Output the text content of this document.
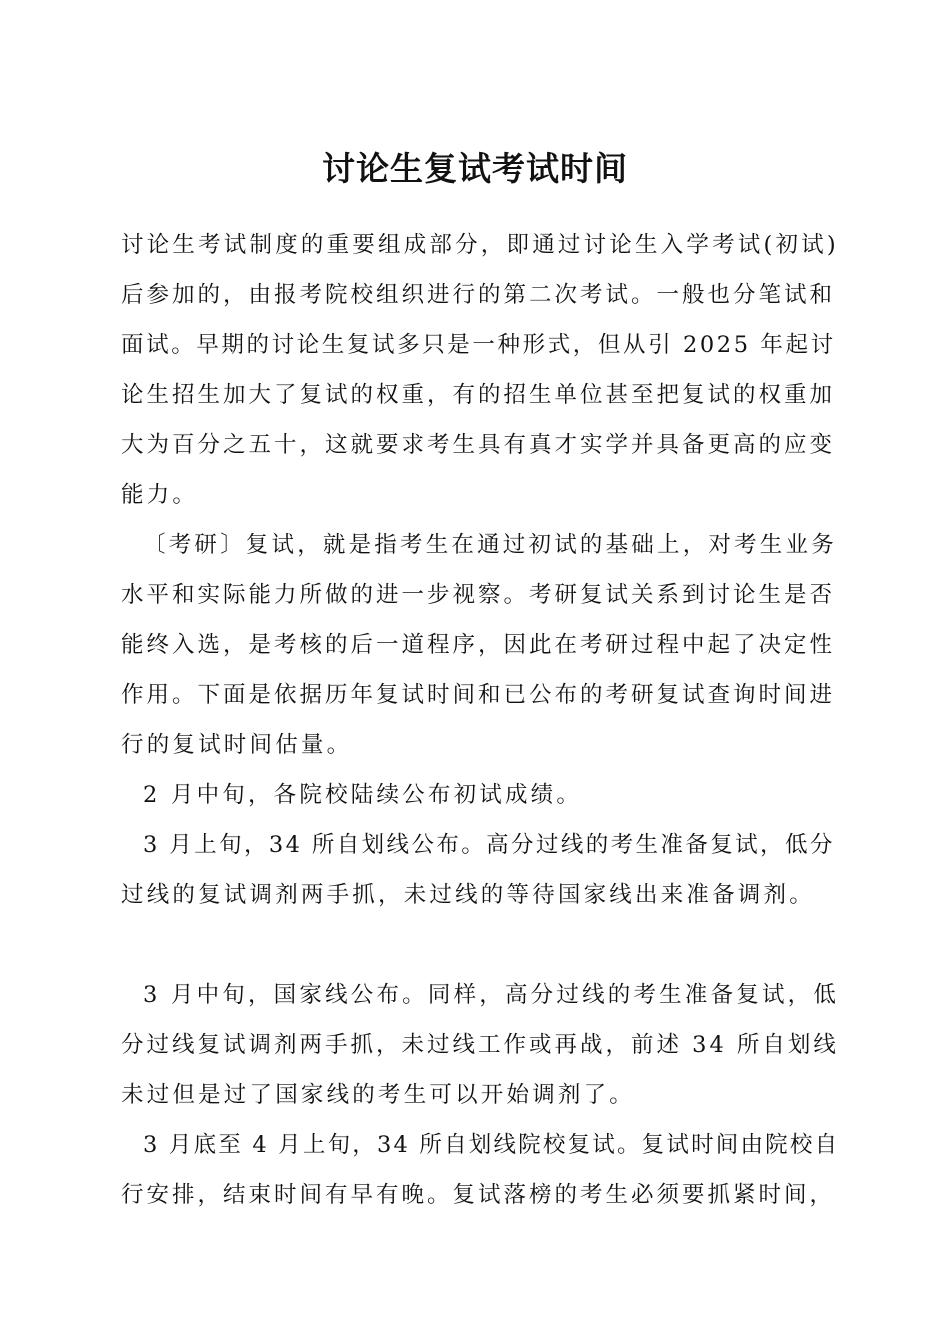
讨论生复试考试时间
讨论生考试制度的重要组成部分，即通过讨论生入学考试(初试)
后参加的，由报考院校组织进行的第二次考试。一般也分笔试和
面试。早期的讨论生复试多只是一种形式，但从引 2025 年起讨
论生招生加大了复试的权重，有的招生单位甚至把复试的权重加
大为百分之五十，这就要求考生具有真才实学并具备更高的应变
能力。
〔考研〕复试，就是指考生在通过初试的基础上，对考生业务
水平和实际能力所做的进一步视察。考研复试关系到讨论生是否
能终入选，是考核的后一道程序，因此在考研过程中起了决定性
作用。下面是依据历年复试时间和已公布的考研复试查询时间进
行的复试时间估量。
2 月中旬，各院校陆续公布初试成绩。
3 月上旬，34 所自划线公布。高分过线的考生准备复试，低分
过线的复试调剂两手抓，未过线的等待国家线出来准备调剂。
3 月中旬，国家线公布。同样，高分过线的考生准备复试，低
分过线复试调剂两手抓，未过线工作或再战，前述 34 所自划线
未过但是过了国家线的考生可以开始调剂了。
3 月底至 4 月上旬，34 所自划线院校复试。复试时间由院校自
行安排，结束时间有早有晚。复试落榜的考生必须要抓紧时间，
